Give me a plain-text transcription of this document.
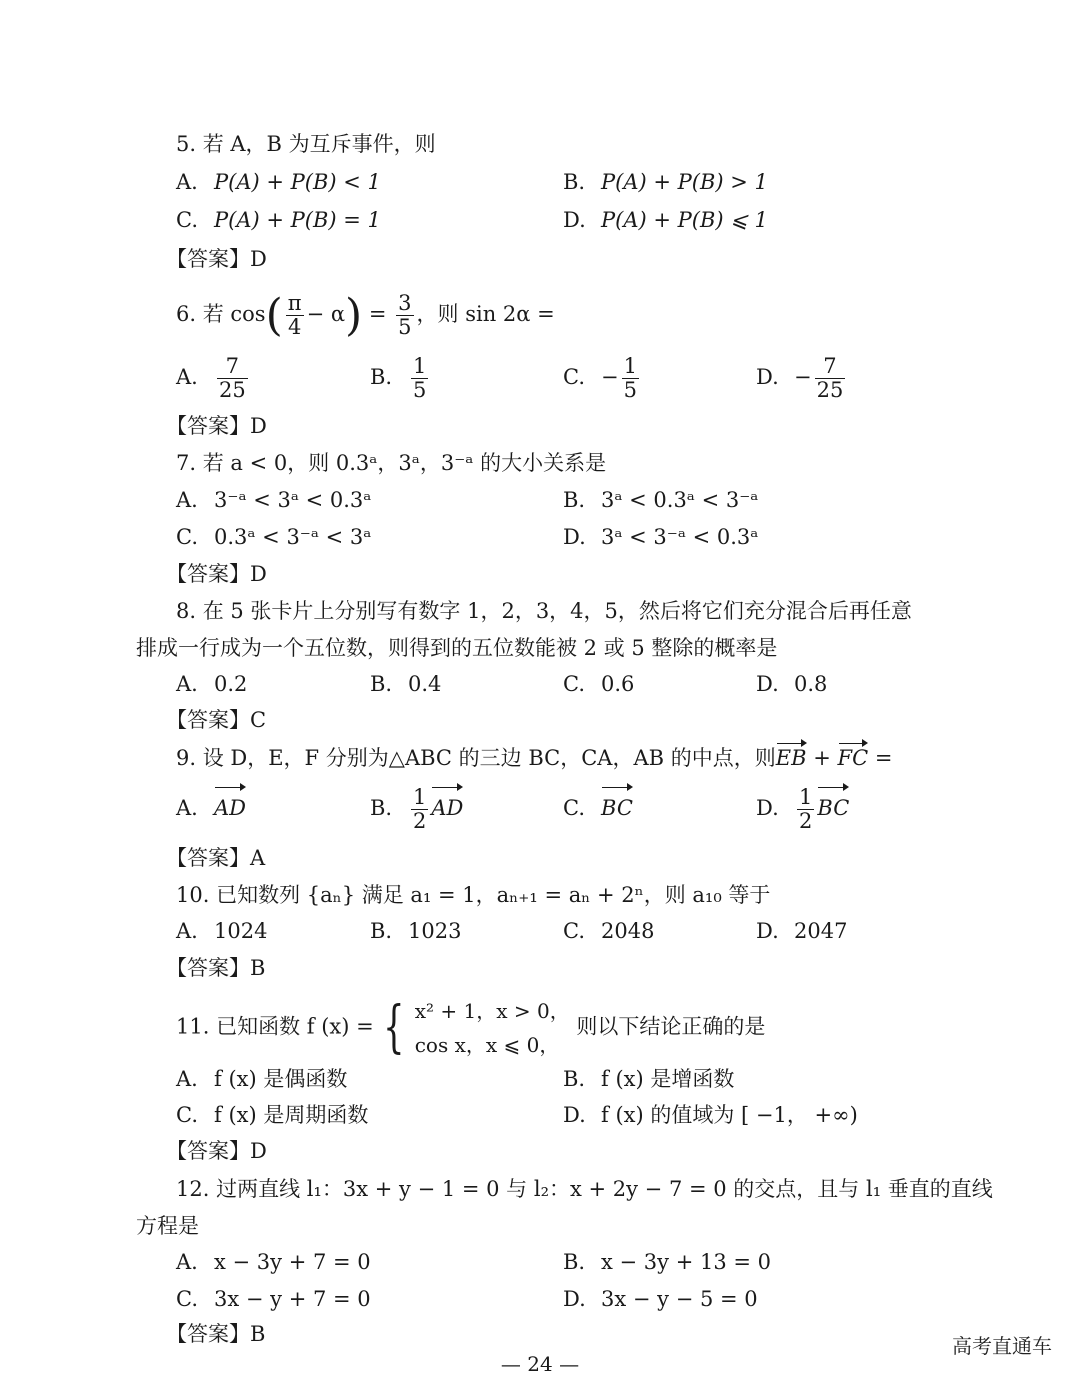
5. 若 A，B 为互斥事件，则
A. P(A) + P(B) < 1	B. P(A) + P(B) > 1
C. P(A) + P(B) = 1	D. P(A) + P(B) ⩽ 1
【答案】D
6. 若 $\cos( \frac{\pi}{4} - \alpha) = \frac{3}{5}$ ，则 sin 2α =
A. $\frac{7}{25}$	B. $\frac{1}{5}$	C. − $\frac{1}{5}$	D. − $\frac{7}{25}$
【答案】D
7. 若 a < 0，则 0.3ᵃ，3ᵃ，3⁻ᵃ 的大小关系是
A. 3⁻ᵃ < 3ᵃ < 0.3ᵃ	B. 3ᵃ < 0.3ᵃ < 3⁻ᵃ
C. 0.3ᵃ < 3⁻ᵃ < 3ᵃ	D. 3ᵃ < 3⁻ᵃ < 0.3ᵃ
【答案】D
8. 在 5 张卡片上分别写有数字 1，2，3，4，5，然后将它们充分混合后再任意
排成一行成为一个五位数，则得到的五位数能被 2 或 5 整除的概率是
A. 0.2	B. 0.4	C. 0.6	D. 0.8
【答案】C
9. 设 D，E，F 分别为△ABC 的三边 BC，CA，AB 的中点，则EB + FC =
A. AD	B. $\frac{1}{2}$ AD	C. BC	D. $\frac{1}{2}$ BC
【答案】A
10. 已知数列 {aₙ} 满足 a₁ = 1，aₙ₊₁ = aₙ + 2ⁿ，则 a₁₀ 等于
A. 1024	B. 1023	C. 2048	D. 2047
【答案】B
11. 已知函数 f (x) = { x² + 1，x > 0，
cos x，x ⩽ 0，
则以下结论正确的是
A. f (x) 是偶函数	B. f (x) 是增函数
C. f (x) 是周期函数	D. f (x) 的值域为 [ −1， +∞)
【答案】D
12. 过两直线 l₁：3x + y − 1 = 0 与 l₂：x + 2y − 7 = 0 的交点，且与 l₁ 垂直的直线
方程是
A. x − 3y + 7 = 0	B. x − 3y + 13 = 0
C. 3x − y + 7 = 0	D. 3x − y − 5 = 0
【答案】B	高考直通车
— 24 —
